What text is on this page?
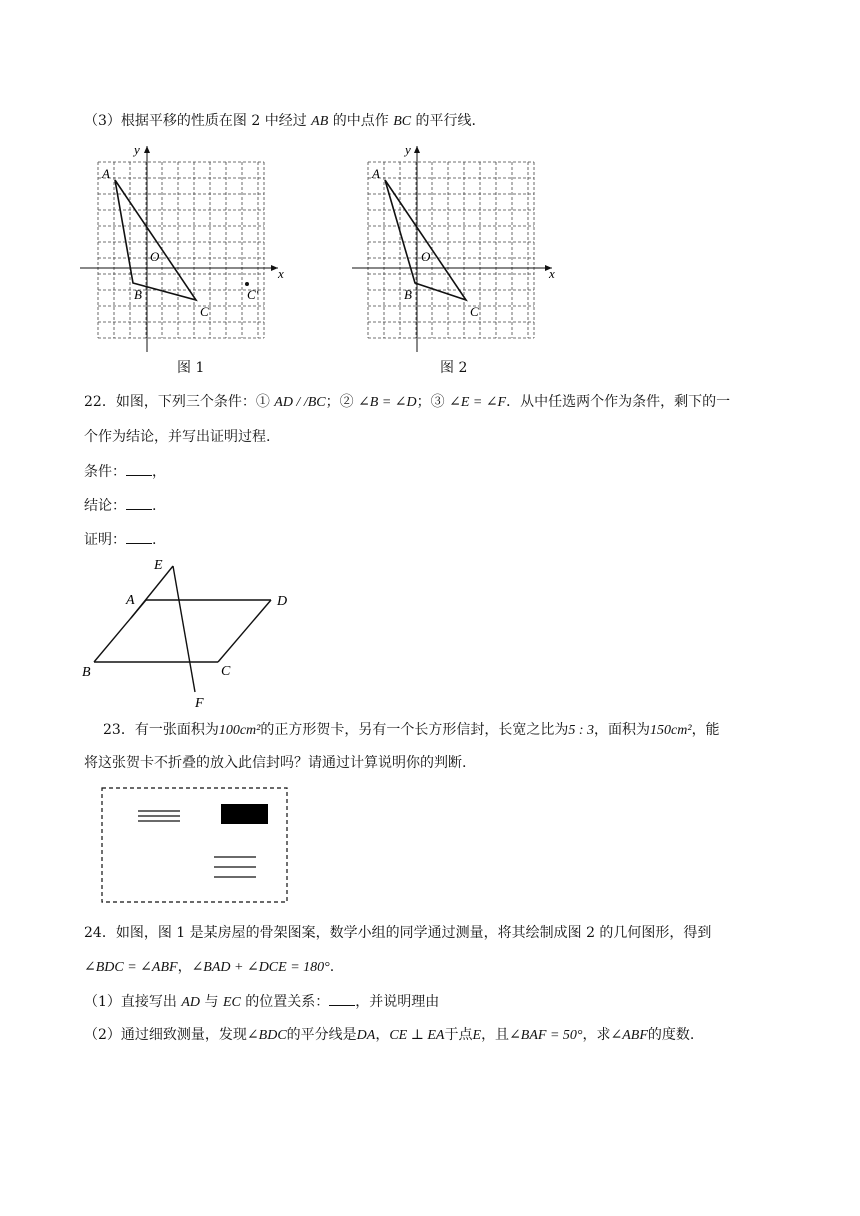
（3）根据平移的性质在图 2 中经过 AB 的中点作 BC 的平行线.
y
x
A
O
B
C
C′
图 1
y
x
A
O
B
C
图 2
22．如图，下列三个条件：① AD / /BC；② ∠B = ∠D；③ ∠E = ∠F．从中任选两个作为条件，剩下的一
个作为结论，并写出证明过程.
条件： ，
结论： .
证明： .
E
A	D
B	C
F
23．有一张面积为100cm²的正方形贺卡，另有一个长方形信封，长宽之比为5 : 3，面积为150cm²，能
将这张贺卡不折叠的放入此信封吗？请通过计算说明你的判断.
24．如图，图 1 是某房屋的骨架图案，数学小组的同学通过测量，将其绘制成图 2 的几何图形，得到
∠BDC = ∠ABF，∠BAD + ∠DCE = 180°.
（1）直接写出 AD 与 EC 的位置关系： ，并说明理由
（2）通过细致测量，发现∠BDC的平分线是DA，CE ⊥ EA于点E，且∠BAF = 50°，求∠ABF的度数.
